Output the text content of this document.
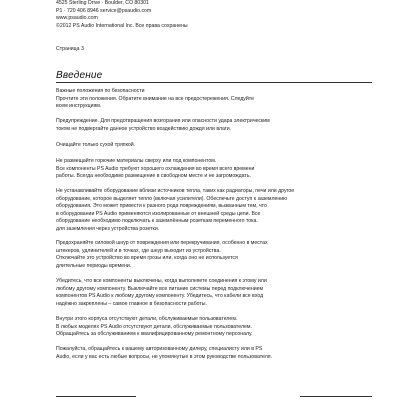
4525 Sterling Drive · Boulder, CO 80301
P1 · 720 406 8946 service@psaudio.com
www.psaudio.com
©2012 PS Audio International Inc. Все права сохранены
Страница 3
Введение
Важные положения по безопасности
Прочтите эти положения. Обратите внимание на все предостережения. Следуйте
всем инструкциям.
Предупреждение. Для предотвращения возгорания или опасности удара электрическим
током не подвергайте данное устройство воздействию дождя или влаги.
Очищайте только сухой тряпкой.
Не размещайте горючие материалы сверху или под компонентом.
Все компоненты PS Audio требуют хорошего охлаждения во время всего времени
работы. Всегда необходимо размещение в свободном месте и не загромождать.
Не устанавливайте оборудование вблизи источников тепла, таких как радиаторы, печи или другое
оборудование, которое выделяет тепло (включая усилители). Обеспечьте доступ к заземлению
оборудования. Это может привести к разного рода повреждениям, вызванным тем, что
в оборудовании PS Audio применяются изолированные от внешней среды цепи. Все
оборудование необходимо подключать к заземлённым розеткам переменного тока.
для заземления через устройства розетки.
Предохраняйте силовой шнур от повреждения или перекручивания, особенно в местах
штекеров, удлинителей и в точках, где шнур выходит из устройства.
Отключайте это устройство во время грозы или, когда оно не используется
длительные периоды времени.
Убедитесь, что все компоненты выключены, когда выполняете соединения к этому или
любому другому компоненту. Выключайте все питание системы перед подключением
компонентов PS Audio к любому другому компоненту. Убедитесь, что кабели все вход
надёжно закреплены – самое главное в безопасности работы.
Внутри этого корпуса отсутствуют детали, обслуживаемые пользователем.
В любых моделях PS Audio отсутствуют детали, обслуживаемые пользователем.
Обращайтесь за обслуживанием к квалифицированному ремонтному персоналу.
Пожалуйста, обращайтесь к вашему авторизованному дилеру, специалисту или в PS
Audio, если у вас есть любые вопросы, не упомянутые в этом руководстве пользователя.
